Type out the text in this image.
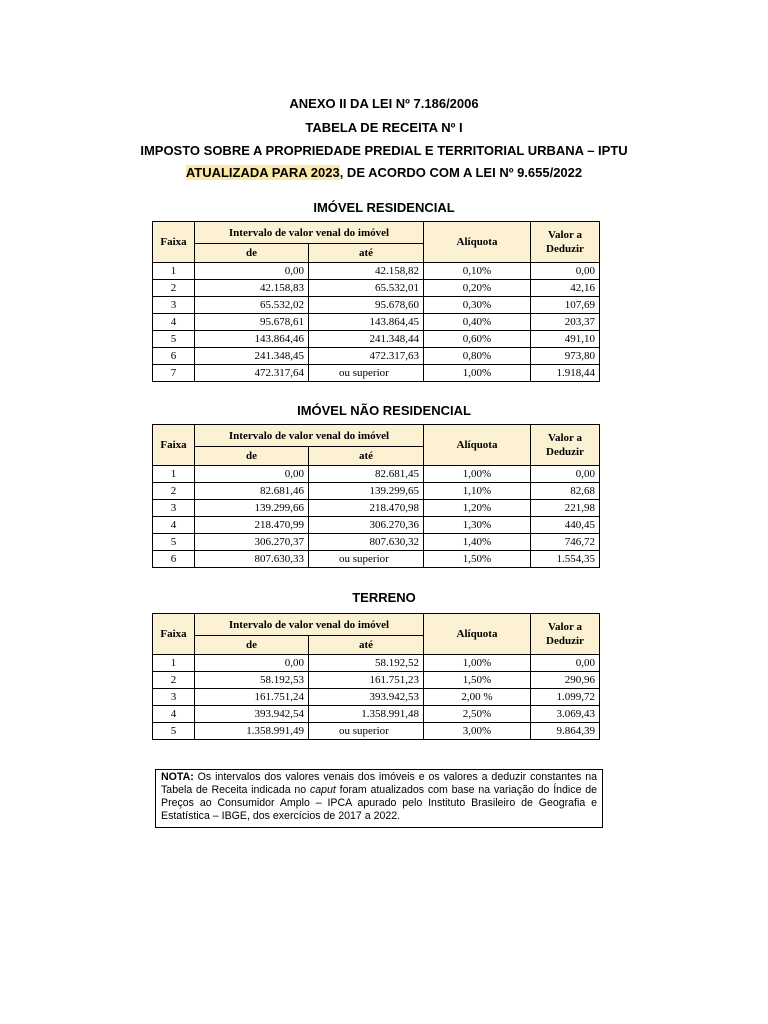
ANEXO II DA LEI Nº 7.186/2006
TABELA DE RECEITA Nº I
IMPOSTO SOBRE A PROPRIEDADE PREDIAL E TERRITORIAL URBANA – IPTU
ATUALIZADA PARA 2023, DE ACORDO COM A LEI Nº 9.655/2022
IMÓVEL RESIDENCIAL
Faixa	Intervalo de valor venal do imóvel		Alíquota	Valor a
Deduzir
	de	até		
1	0,00	42.158,82	0,10%	0,00
2	42.158,83	65.532,01	0,20%	42,16
3	65.532,02	95.678,60	0,30%	107,69
4	95.678,61	143.864,45	0,40%	203,37
5	143.864,46	241.348,44	0,60%	491,10
6	241.348,45	472.317,63	0,80%	973,80
7	472.317,64	ou superior	1,00%	1.918,44
IMÓVEL NÃO RESIDENCIAL
Faixa	Intervalo de valor venal do imóvel		Alíquota	Valor a
Deduzir
	de	até		
1	0,00	82.681,45	1,00%	0,00
2	82.681,46	139.299,65	1,10%	82,68
3	139.299,66	218.470,98	1,20%	221,98
4	218.470,99	306.270,36	1,30%	440,45
5	306.270,37	807.630,32	1,40%	746,72
6	807.630,33	ou superior	1,50%	1.554,35
TERRENO
Faixa	Intervalo de valor venal do imóvel		Alíquota	Valor a
Deduzir
	de	até		
1	0,00	58.192,52	1,00%	0,00
2	58.192,53	161.751,23	1,50%	290,96
3	161.751,24	393.942,53	2,00 %	1.099,72
4	393.942,54	1.358.991,48	2,50%	3.069,43
5	1.358.991,49	ou superior	3,00%	9.864,39
NOTA: Os intervalos dos valores venais dos imóveis e os valores a deduzir constantes na Tabela de Receita indicada no caput foram atualizados com base na variação do Índice de Preços ao Consumidor Amplo – IPCA apurado pelo Instituto Brasileiro de Geografia e Estatística – IBGE, dos exercícios de 2017 a 2022.
